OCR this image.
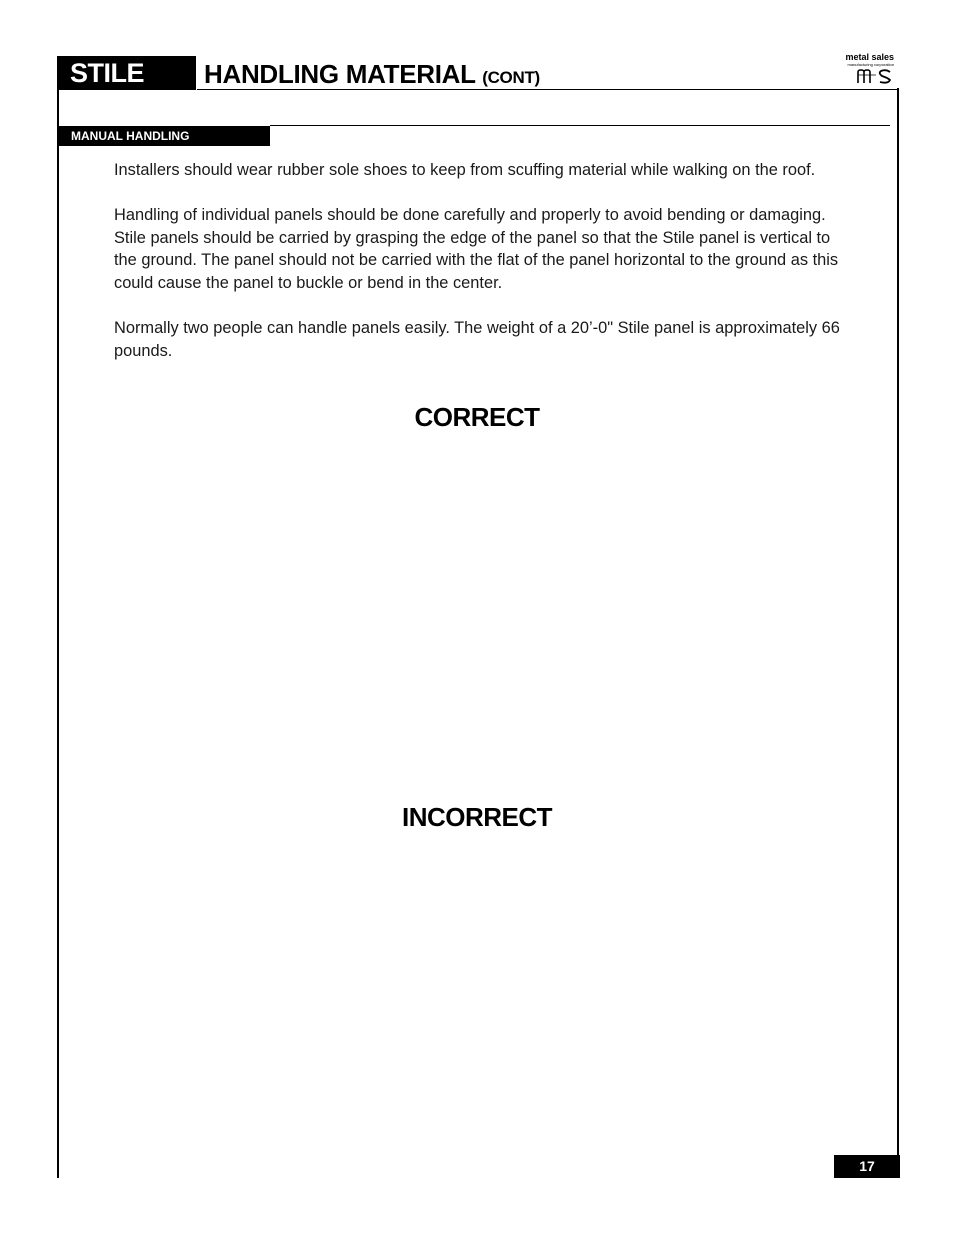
STILE	HANDLING MATERIAL (CONT)
metal sales
manufacturing corporation
MANUAL HANDLING

Installers should wear rubber sole shoes to keep from scuffing material while walking on the roof.

Handling of individual panels should be done carefully and properly to avoid bending or damaging. Stile panels should be carried by grasping the edge of the panel so that the Stile panel is vertical to the ground. The panel should not be carried with the flat of the panel horizontal to the ground as this could cause the panel to buckle or bend in the center.

Normally two people can handle panels easily. The weight of a 20’-0" Stile panel is approximately 66 pounds.

CORRECT
INCORRECT
17
